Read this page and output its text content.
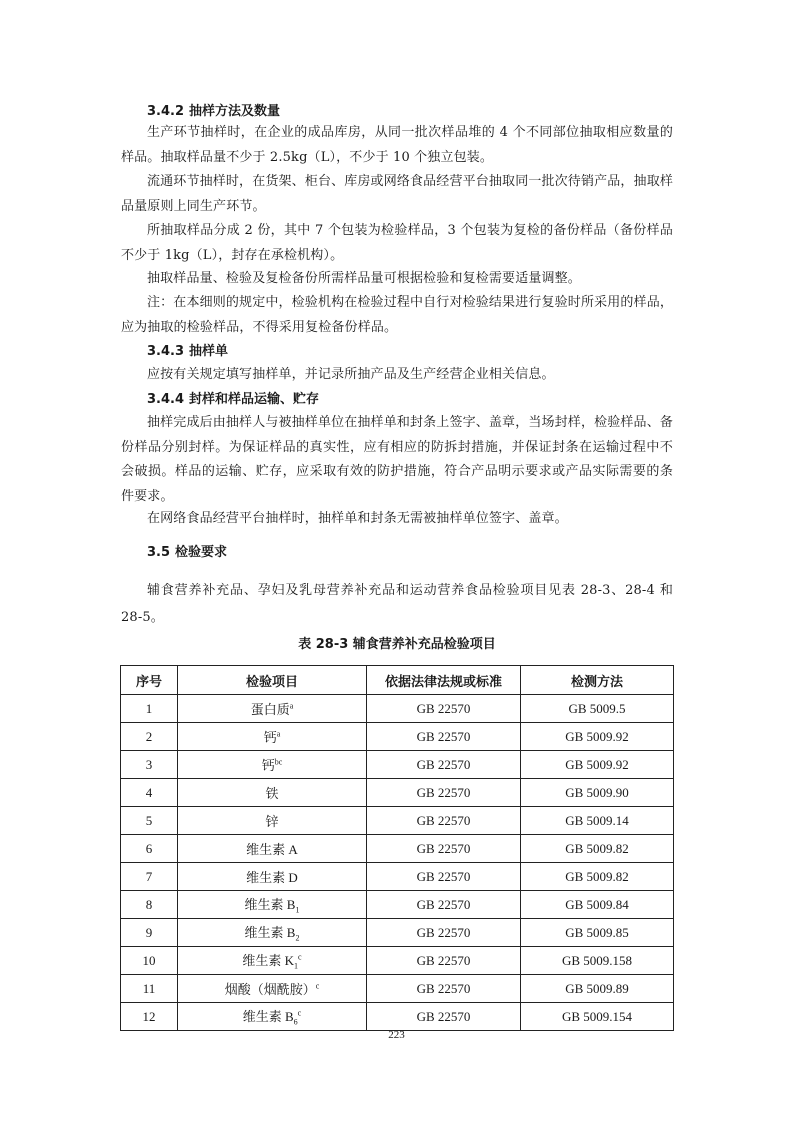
3.4.2 抽样方法及数量

生产环节抽样时，在企业的成品库房，从同一批次样品堆的 4 个不同部位抽取相应数量的样品。抽取样品量不少于 2.5kg（L），不少于 10 个独立包装。

流通环节抽样时，在货架、柜台、库房或网络食品经营平台抽取同一批次待销产品，抽取样品量原则上同生产环节。

所抽取样品分成 2 份，其中 7 个包装为检验样品，3 个包装为复检的备份样品（备份样品不少于 1kg（L），封存在承检机构）。

抽取样品量、检验及复检备份所需样品量可根据检验和复检需要适量调整。

注：在本细则的规定中，检验机构在检验过程中自行对检验结果进行复验时所采用的样品，应为抽取的检验样品，不得采用复检备份样品。

3.4.3 抽样单

应按有关规定填写抽样单，并记录所抽产品及生产经营企业相关信息。

3.4.4 封样和样品运输、贮存

抽样完成后由抽样人与被抽样单位在抽样单和封条上签字、盖章，当场封样，检验样品、备份样品分别封样。为保证样品的真实性，应有相应的防拆封措施，并保证封条在运输过程中不会破损。样品的运输、贮存，应采取有效的防护措施，符合产品明示要求或产品实际需要的条件要求。

在网络食品经营平台抽样时，抽样单和封条无需被抽样单位签字、盖章。

3.5 检验要求

辅食营养补充品、孕妇及乳母营养补充品和运动营养食品检验项目见表 28-3、28-4 和 28-5。

表 28-3 辅食营养补充品检验项目
序号	检验项目	依据法律法规或标准	检测方法
1	蛋白质$^a$	GB 22570	GB 5009.5
2	钙$^a$	GB 22570	GB 5009.92
3	钙$^{bc}$	GB 22570	GB 5009.92
4	铁	GB 22570	GB 5009.90
5	锌	GB 22570	GB 5009.14
6	维生素 A	GB 22570	GB 5009.82
7	维生素 D	GB 22570	GB 5009.82
8	维生素 $B_1$	GB 22570	GB 5009.84
9	维生素 $B_2$	GB 22570	GB 5009.85
10	维生素 $K_1^c$	GB 22570	GB 5009.158
11	烟酸（烟酰胺）$^c$	GB 22570	GB 5009.89
12	维生素 $B_6^c$	GB 22570	GB 5009.154
223
